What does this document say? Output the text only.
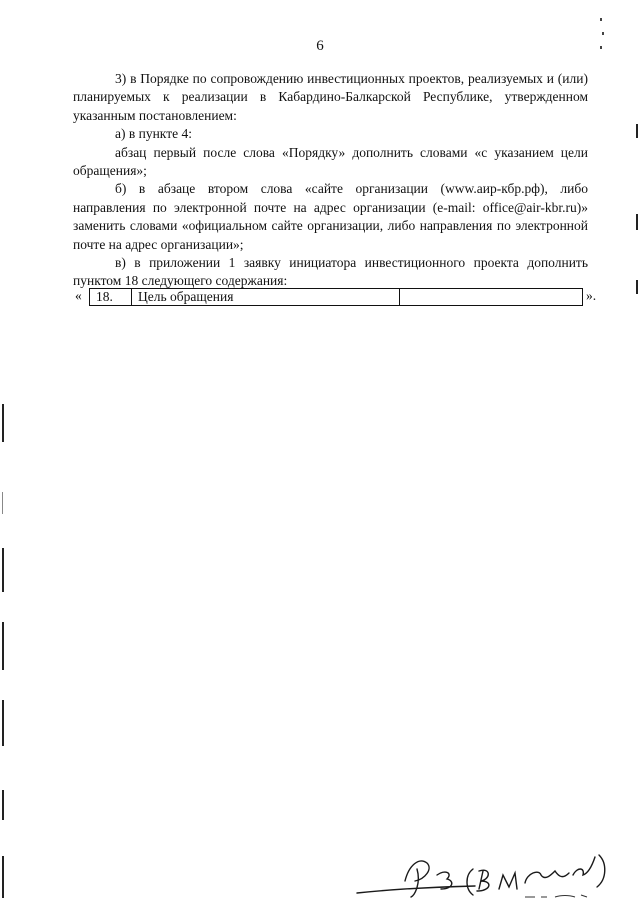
6

3) в Порядке по сопровождению инвестиционных проектов, реализуемых и (или) планируемых к реализации в Кабардино-Балкарской Республике, утвержденном указанным постановлением:

а) в пункте 4:

абзац первый после слова «Порядку» дополнить словами «с указанием цели обращения»;

б) в абзаце втором слова «сайте организации (www.аир-кбр.рф), либо направления по электронной почте на адрес организации (e-mail: office@air-kbr.ru)» заменить словами «официальном сайте организации, либо направления по электронной почте на адрес организации»;

в) в приложении 1 заявку инициатора инвестиционного проекта дополнить пунктом 18 следующего содержания:

« 18.	Цель обращения		».
